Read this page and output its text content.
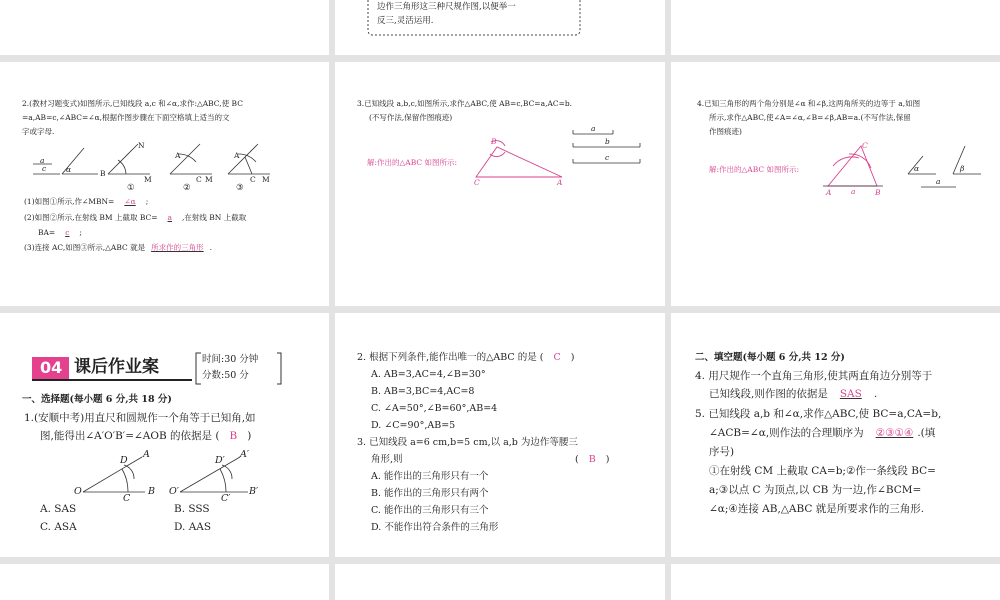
边作三角形这三种尺规作图,以便举一
反三,灵活运用.
2.(教材习题变式)如图所示,已知线段 a,c 和∠α,求作:△ABC,使 BC
=a,AB=c,∠ABC=∠α,根据作图步骤在下面空格填上适当的文
字或字母.
a
c	α	B
M
N
①
A
C M
②
A
C M
③
(1)如图①所示,作∠MBN= ∠α ;
(2)如图②所示,在射线 BM 上截取 BC= a ,在射线 BN 上截取
BA= c ;
(3)连接 AC,如图③所示,△ABC 就是 所求作的三角形 .
3.已知线段 a,b,c,如图所示,求作△ABC,使 AB=c,BC=a,AC=b.
(不写作法,保留作图痕迹)
解:作出的△ABC 如图所示:
C	A
B
a
b
c
4.已知三角形的两个角分别是∠α 和∠β,这两角所夹的边等于 a,如图
所示,求作△ABC,使∠A=∠α,∠B=∠β,AB=a.(不写作法,保留
作图痕迹)
解:作出的△ABC 如图所示:
A	B
C
a
α	β
a
04 课后作业案	时间:30 分钟
分数:50 分
一、选择题(每小题 6 分,共 18 分)
1.(安顺中考)用直尺和圆规作一个角等于已知角,如
图,能得出∠A′O′B′=∠AOB 的依据是 ( B )
O
C
B
D
A
O′
C′
B′
D′
A′
A. SAS	B. SSS
C. ASA	D. AAS
2. 根据下列条件,能作出唯一的△ABC 的是 ( C )
A. AB=3,AC=4,∠B=30°
B. AB=3,BC=4,AC=8
C. ∠A=50°,∠B=60°,AB=4
D. ∠C=90°,AB=5
3. 已知线段 a=6 cm,b=5 cm,以 a,b 为边作等腰三
角形,则	( B )
A. 能作出的三角形只有一个
B. 能作出的三角形只有两个
C. 能作出的三角形只有三个
D. 不能作出符合条件的三角形
二、填空题(每小题 6 分,共 12 分)
4. 用尺规作一个直角三角形,使其两直角边分别等于
已知线段,则作图的依据是 SAS .
5. 已知线段 a,b 和∠α,求作△ABC,使 BC=a,CA=b,
∠ACB=∠α,则作法的合理顺序为 ②③①④ .(填
序号)
①在射线 CM 上截取 CA=b;②作一条线段 BC=
a;③以点 C 为顶点,以 CB 为一边,作∠BCM=
∠α;④连接 AB,△ABC 就是所要求作的三角形.
